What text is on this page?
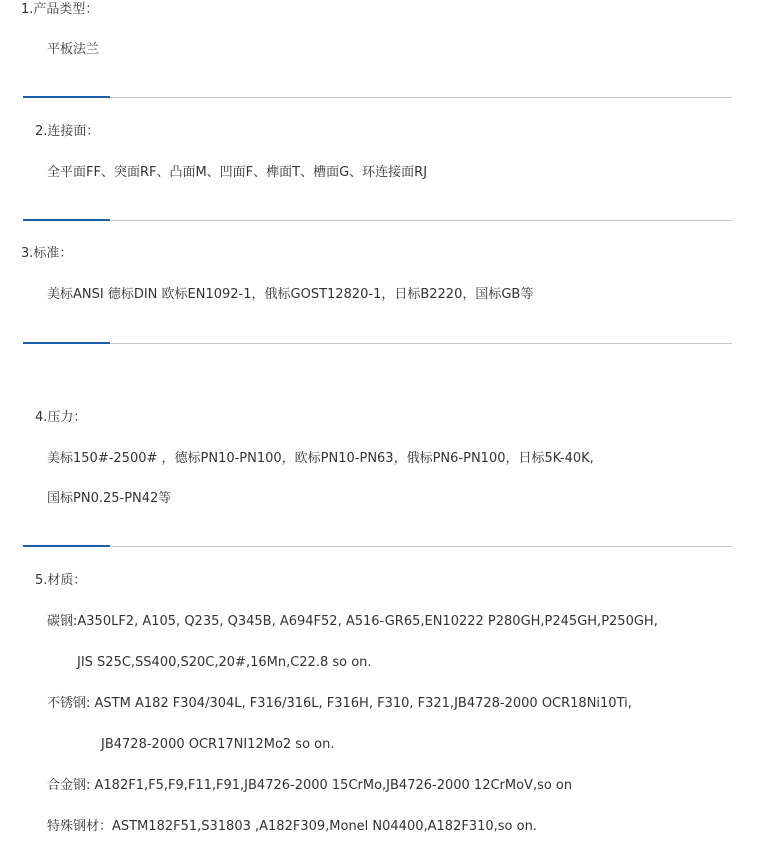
1.产品类型：
平板法兰
2.连接面：
全平面FF、突面RF、凸面M、凹面F、榫面T、槽面G、环连接面RJ
3.标准：
美标ANSI 德标DIN 欧标EN1092-1，俄标GOST12820-1，日标B2220，国标GB等
4.压力：
美标150#-2500# ，德标PN10-PN100，欧标PN10-PN63，俄标PN6-PN100，日标5K-40K,
国标PN0.25-PN42等
5.材质：
碳钢:A350LF2, A105, Q235, Q345B, A694F52, A516-GR65,EN10222 P280GH,P245GH,P250GH,
JIS S25C,SS400,S20C,20#,16Mn,C22.8 so on.
不锈钢: ASTM A182 F304/304L, F316/316L, F316H, F310, F321,JB4728-2000 OCR18Ni10Ti,
JB4728-2000 OCR17NI12Mo2 so on.
合金钢: A182F1,F5,F9,F11,F91,JB4726-2000 15CrMo,JB4726-2000 12CrMoV,so on
特殊钢材：ASTM182F51,S31803 ,A182F309,Monel N04400,A182F310,so on.
